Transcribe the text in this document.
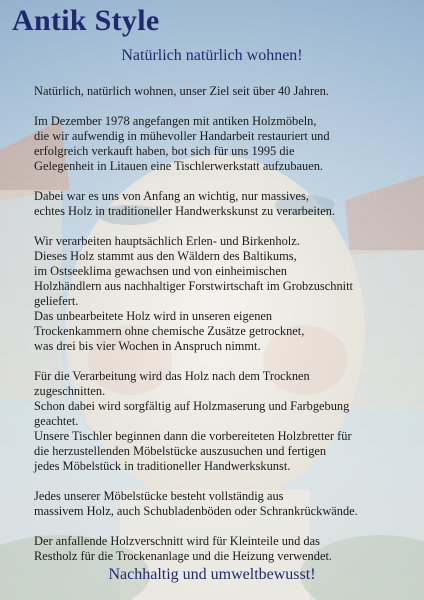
Antik Style
Natürlich natürlich wohnen!

Natürlich, natürlich wohnen, unser Ziel seit über 40 Jahren.

Im Dezember 1978 angefangen mit antiken Holzmöbeln,
die wir aufwendig in mühevoller Handarbeit restauriert und
erfolgreich verkauft haben, bot sich für uns 1995 die
Gelegenheit in Litauen eine Tischlerwerkstatt aufzubauen.

Dabei war es uns von Anfang an wichtig, nur massives,
echtes Holz in traditioneller Handwerkskunst zu verarbeiten.

Wir verarbeiten hauptsächlich Erlen- und Birkenholz.
Dieses Holz stammt aus den Wäldern des Baltikums,
im Ostseeklima gewachsen und von einheimischen
Holzhändlern aus nachhaltiger Forstwirtschaft im Grobzuschnitt
geliefert.
Das unbearbeitete Holz wird in unseren eigenen
Trockenkammern ohne chemische Zusätze getrocknet,
was drei bis vier Wochen in Anspruch nimmt.

Für die Verarbeitung wird das Holz nach dem Trocknen
zugeschnitten.
Schon dabei wird sorgfältig auf Holzmaserung und Farbgebung
geachtet.
Unsere Tischler beginnen dann die vorbereiteten Holzbretter für
die herzustellenden Möbelstücke auszusuchen und fertigen
jedes Möbelstück in traditioneller Handwerkskunst.

Jedes unserer Möbelstücke besteht vollständig aus
massivem Holz, auch Schubladenböden oder Schrankrückwände.

Der anfallende Holzverschnitt wird für Kleinteile und das
Restholz für die Trockenanlage und die Heizung verwendet.

Nachhaltig und umweltbewusst!
